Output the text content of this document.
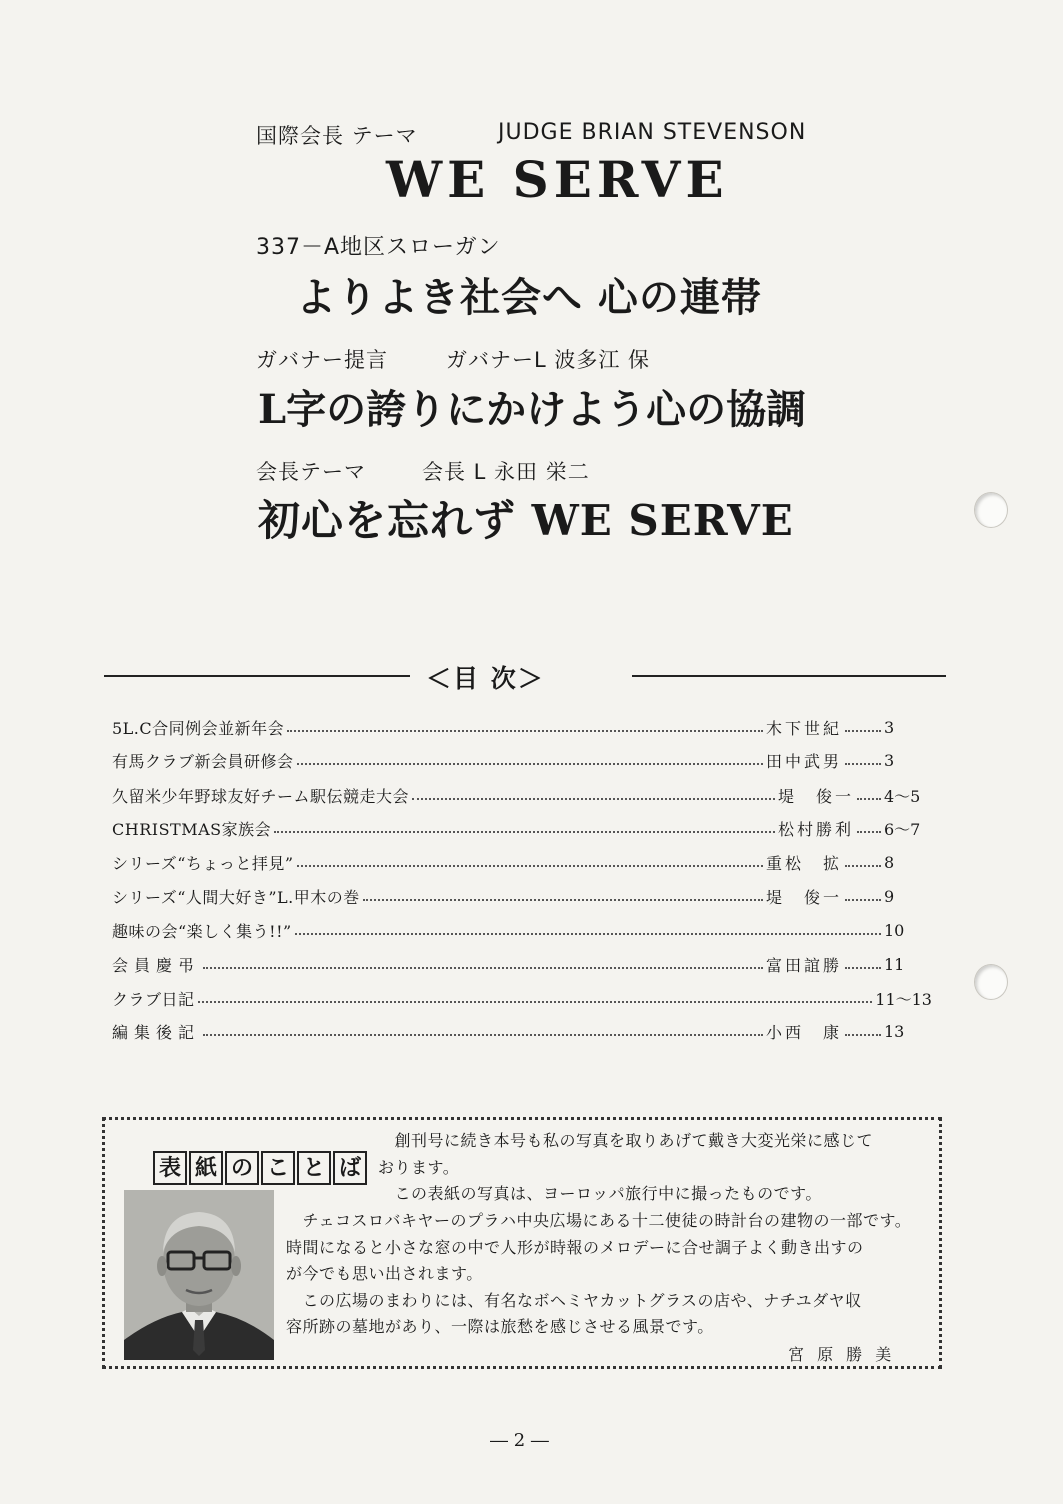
国際会長 テーマ	JUDGE BRIAN STEVENSON
WE SERVE
337－A地区スローガン
よりよき社会へ 心の連帯
ガバナー提言	ガバナーL 波多江 保
L字の誇りにかけよう心の協調
会長テーマ	会長 L 永田 栄二
初心を忘れず WE SERVE
＜目 次＞
5L.C合同例会並新年会	木下世紀	3
有馬クラブ新会員研修会	田中武男	3
久留米少年野球友好チーム駅伝競走大会	堤　俊一 4～5
CHRISTMAS家族会	松村勝利 6～7
シリーズ“ちょっと拝見”	重松　拡	8
シリーズ“人間大好き”L.甲木の巻	堤　俊一	9
趣味の会“楽しく集う!!”	10
会員慶弔	富田誼勝	11
クラブ日記	11～13
編集後記	小西　康	13
表 紙 の こ と ば
　創刊号に続き本号も私の写真を取りあげて戴き大変光栄に感じて
おります。
　この表紙の写真は、ヨーロッパ旅行中に撮ったものです。
　チェコスロバキヤーのプラハ中央広場にある十二使徒の時計台の建物の一部です。
時間になると小さな窓の中で人形が時報のメロデーに合せ調子よく動き出すの
が今でも思い出されます。
　この広場のまわりには、有名なボヘミヤカットグラスの店や、ナチユダヤ収
容所跡の墓地があり、一際は旅愁を感じさせる風景です。
宮 原 勝 美
― 2 ―
